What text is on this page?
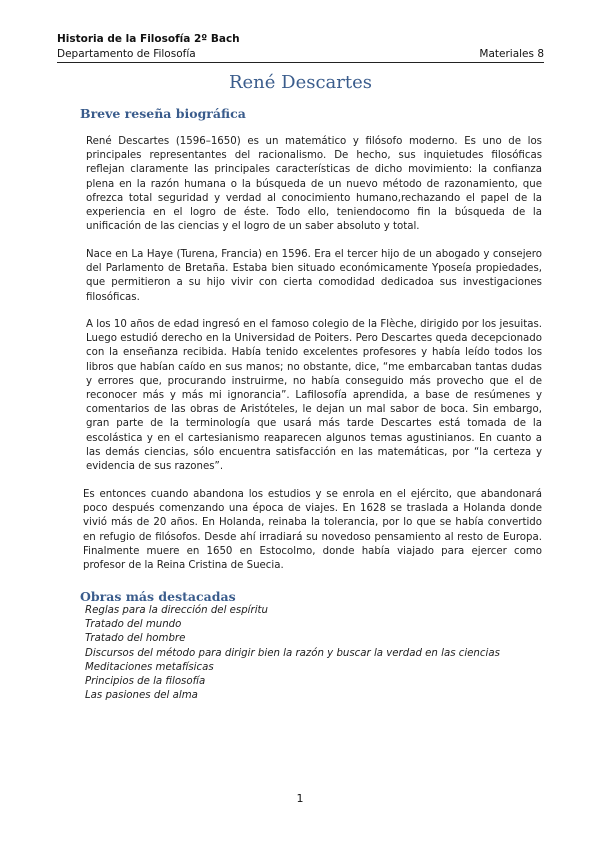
Historia de la Filosofía 2º Bach
Departamento de Filosofía	Materiales 8
René Descartes
Breve reseña biográfica

René Descartes (1596–1650) es un matemático y filósofo moderno. Es uno de los principales representantes del racionalismo. De hecho, sus inquietudes filosóficas reflejan claramente las principales características de dicho movimiento: la confianza plena en la razón humana o la búsqueda de un nuevo método de razonamiento, que ofrezca total seguridad y verdad al conocimiento humano,rechazando el papel de la experiencia en el logro de éste. Todo ello, teniendocomo fin la búsqueda de la unificación de las ciencias y el logro de un saber absoluto y total.

Nace en La Haye (Turena, Francia) en 1596. Era el tercer hijo de un abogado y consejero del Parlamento de Bretaña. Estaba bien situado económicamente Yposeía propiedades, que permitieron a su hijo vivir con cierta comodidad dedicadoa sus investigaciones filosóficas.

A los 10 años de edad ingresó en el famoso colegio de la Flèche, dirigido por los jesuitas. Luego estudió derecho en la Universidad de Poiters. Pero Descartes queda decepcionado con la enseñanza recibida. Había tenido excelentes profesores y había leído todos los libros que habían caído en sus manos; no obstante, dice, “me embarcaban tantas dudas y errores que, procurando instruirme, no había conseguido más provecho que el de reconocer más y más mi ignorancia”. Lafilosofía aprendida, a base de resúmenes y comentarios de las obras de Aristóteles, le dejan un mal sabor de boca. Sin embargo, gran parte de la terminología que usará más tarde Descartes está tomada de la escolástica y en el cartesianismo reaparecen algunos temas agustinianos. En cuanto a las demás ciencias, sólo encuentra satisfacción en las matemáticas, por “la certeza y evidencia de sus razones”.

Es entonces cuando abandona los estudios y se enrola en el ejército, que abandonará poco después comenzando una época de viajes. En 1628 se traslada a Holanda donde vivió más de 20 años. En Holanda, reinaba la tolerancia, por lo que se había convertido en refugio de filósofos. Desde ahí irradiará su novedoso pensamiento al resto de Europa. Finalmente muere en 1650 en Estocolmo, donde había viajado para ejercer como profesor de la Reina Cristina de Suecia.

Obras más destacadas
Reglas para la dirección del espíritu
Tratado del mundo
Tratado del hombre
Discursos del método para dirigir bien la razón y buscar la verdad en las ciencias
Meditaciones metafísicas
Principios de la filosofía
Las pasiones del alma
1
